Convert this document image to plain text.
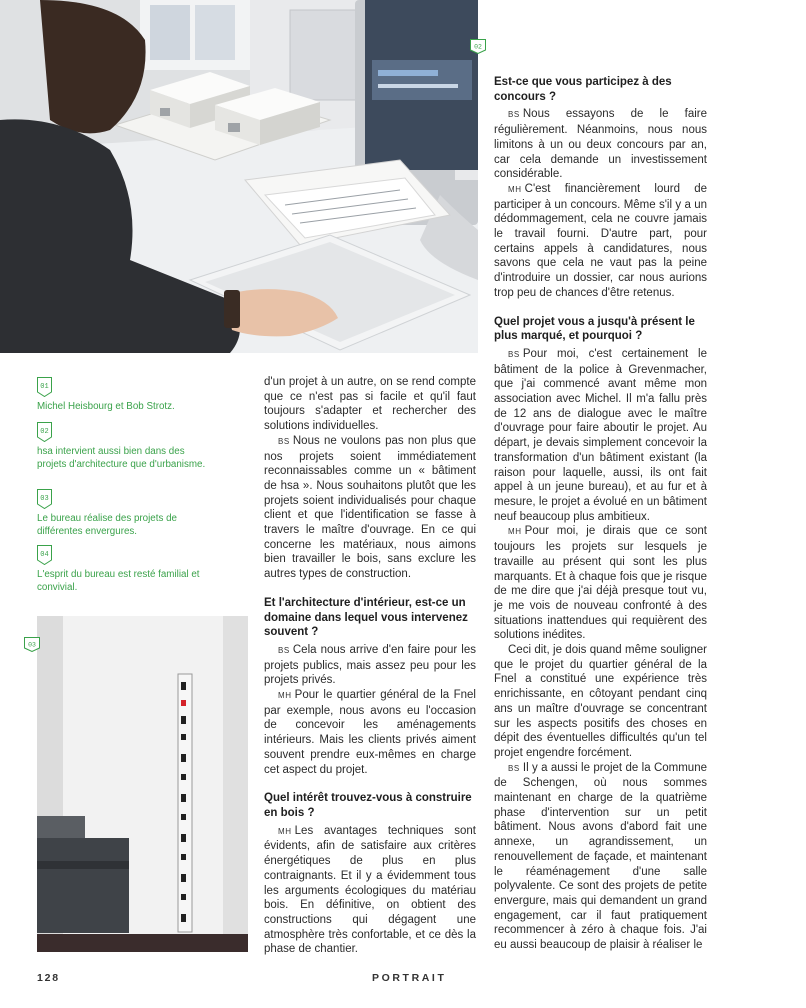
02
03
01
Michel Heisbourg et Bob Strotz.
02
hsa intervient aussi bien dans des projets d'architecture que d'urbanisme.
03
Le bureau réalise des projets de différentes envergures.
04
L'esprit du bureau est resté familial et convivial.

d'un projet à un autre, on se rend compte que ce n'est pas si facile et qu'il faut toujours s'adapter et rechercher des solutions individuelles.

BS Nous ne voulons pas non plus que nos projets soient immédiatement reconnaissables comme un « bâtiment de hsa ». Nous souhaitons plutôt que les projets soient individualisés pour chaque client et que l'identification se fasse à travers le maître d'ouvrage. En ce qui concerne les matériaux, nous aimons bien travailler le bois, sans exclure les autres types de construction.

Et l'architecture d'intérieur, est-ce un domaine dans lequel vous intervenez souvent ?

BS Cela nous arrive d'en faire pour les projets publics, mais assez peu pour les projets privés.

MH Pour le quartier général de la Fnel par exemple, nous avons eu l'occasion de concevoir les aménagements intérieurs. Mais les clients privés aiment souvent prendre eux-mêmes en charge cet aspect du projet.

Quel intérêt trouvez-vous à construire en bois ?

MH Les avantages techniques sont évidents, afin de satisfaire aux critères énergétiques de plus en plus contraignants. Et il y a évidemment tous les arguments écologiques du matériau bois. En définitive, on obtient des constructions qui dégagent une atmosphère très confortable, et ce dès la phase de chantier.

Est-ce que vous participez à des concours ?

BS Nous essayons de le faire régulièrement. Néanmoins, nous nous limitons à un ou deux concours par an, car cela demande un investissement considérable.

MH C'est financièrement lourd de participer à un concours. Même s'il y a un dédommagement, cela ne couvre jamais le travail fourni. D'autre part, pour certains appels à candidatures, nous savons que cela ne vaut pas la peine d'introduire un dossier, car nous aurions trop peu de chances d'être retenus.

Quel projet vous a jusqu'à présent le plus marqué, et pourquoi ?

BS Pour moi, c'est certainement le bâtiment de la police à Grevenmacher, que j'ai commencé avant même mon association avec Michel. Il m'a fallu près de 12 ans de dialogue avec le maître d'ouvrage pour faire aboutir le projet. Au départ, je devais simplement concevoir la transformation d'un bâtiment existant (la raison pour laquelle, aussi, ils ont fait appel à un jeune bureau), et au fur et à mesure, le projet a évolué en un bâtiment neuf beaucoup plus ambitieux.

MH Pour moi, je dirais que ce sont toujours les projets sur lesquels je travaille au présent qui sont les plus marquants. Et à chaque fois que je risque de me dire que j'ai déjà presque tout vu, je me vois de nouveau confronté à des situations inattendues qui requièrent des solutions inédites.

Ceci dit, je dois quand même souligner que le projet du quartier général de la Fnel a constitué une expérience très enrichissante, en côtoyant pendant cinq ans un maître d'ouvrage se concentrant sur les aspects positifs des choses en dépit des éventuelles difficultés qu'un tel projet engendre forcément.

BS Il y a aussi le projet de la Commune de Schengen, où nous sommes maintenant en charge de la quatrième phase d'intervention sur un petit bâtiment. Nous avons d'abord fait une annexe, un agrandissement, un renouvellement de façade, et maintenant le réaménagement d'une salle polyvalente. Ce sont des projets de petite envergure, mais qui demandent un grand engagement, car il faut pratiquement recommencer à zéro à chaque fois. J'ai eu aussi beaucoup de plaisir à réaliser le

128	PORTRAIT
